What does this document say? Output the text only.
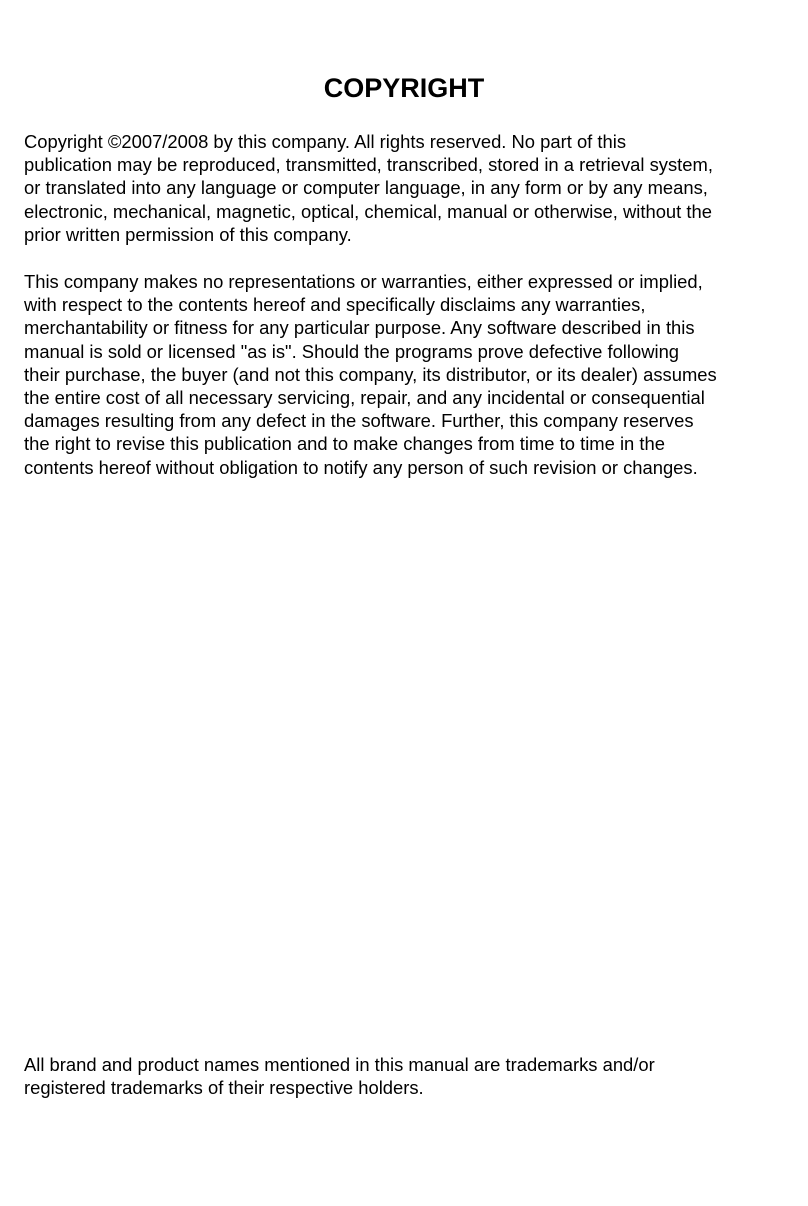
COPYRIGHT

Copyright ©2007/2008 by this company. All rights reserved. No part of this
publication may be reproduced, transmitted, transcribed, stored in a retrieval system,
or translated into any language or computer language, in any form or by any means,
electronic, mechanical, magnetic, optical, chemical, manual or otherwise, without the
prior written permission of this company.

This company makes no representations or warranties, either expressed or implied,
with respect to the contents hereof and specifically disclaims any warranties,
merchantability or fitness for any particular purpose. Any software described in this
manual is sold or licensed "as is". Should the programs prove defective following
their purchase, the buyer (and not this company, its distributor, or its dealer) assumes
the entire cost of all necessary servicing, repair, and any incidental or consequential
damages resulting from any defect in the software. Further, this company reserves
the right to revise this publication and to make changes from time to time in the
contents hereof without obligation to notify any person of such revision or changes.

All brand and product names mentioned in this manual are trademarks and/or
registered trademarks of their respective holders.
